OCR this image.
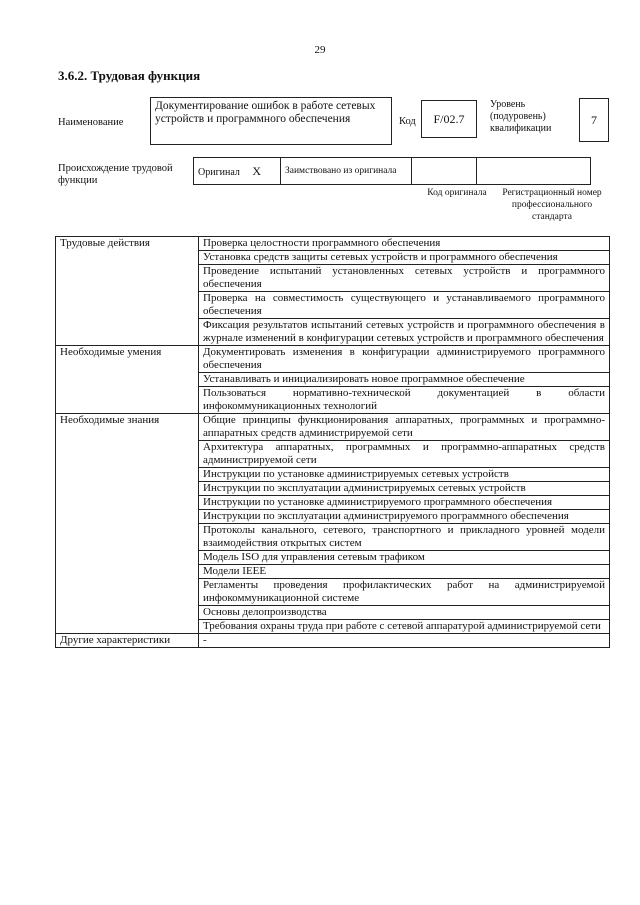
29
3.6.2. Трудовая функция
Наименование
Документирование ошибок в работе сетевых устройств и программного обеспечения	Код	F/02.7
Уровень (подуровень) квалификации
7
Происхождение трудовой функции
Оригинал X	Заимствовано из оригинала		
Код оригинала	Регистрационный номер профессионального стандарта
Трудовые действия	Проверка целостности программного обеспечения
	Установка средств защиты сетевых устройств и программного обеспечения
	Проведение испытаний установленных сетевых устройств и программного обеспечения
	Проверка на совместимость существующего и устанавливаемого программного обеспечения
	Фиксация результатов испытаний сетевых устройств и программного обеспечения в журнале изменений в конфигурации сетевых устройств и программного обеспечения
Необходимые умения	Документировать изменения в конфигурации администрируемого программного обеспечения
	Устанавливать и инициализировать новое программное обеспечение
	Пользоваться нормативно-технической документацией в области инфокоммуникационных технологий
Необходимые знания	Общие принципы функционирования аппаратных, программных и программно-аппаратных средств администрируемой сети
	Архитектура аппаратных, программных и программно-аппаратных средств администрируемой сети
	Инструкции по установке администрируемых сетевых устройств
	Инструкции по эксплуатации администрируемых сетевых устройств
	Инструкции по установке администрируемого программного обеспечения
	Инструкции по эксплуатации администрируемого программного обеспечения
	Протоколы канального, сетевого, транспортного и прикладного уровней модели взаимодействия открытых систем
	Модель ISO для управления сетевым трафиком
	Модели IEEE
	Регламенты проведения профилактических работ на администрируемой инфокоммуникационной системе
	Основы делопроизводства
	Требования охраны труда при работе с сетевой аппаратурой администрируемой сети
Другие характеристики	-
